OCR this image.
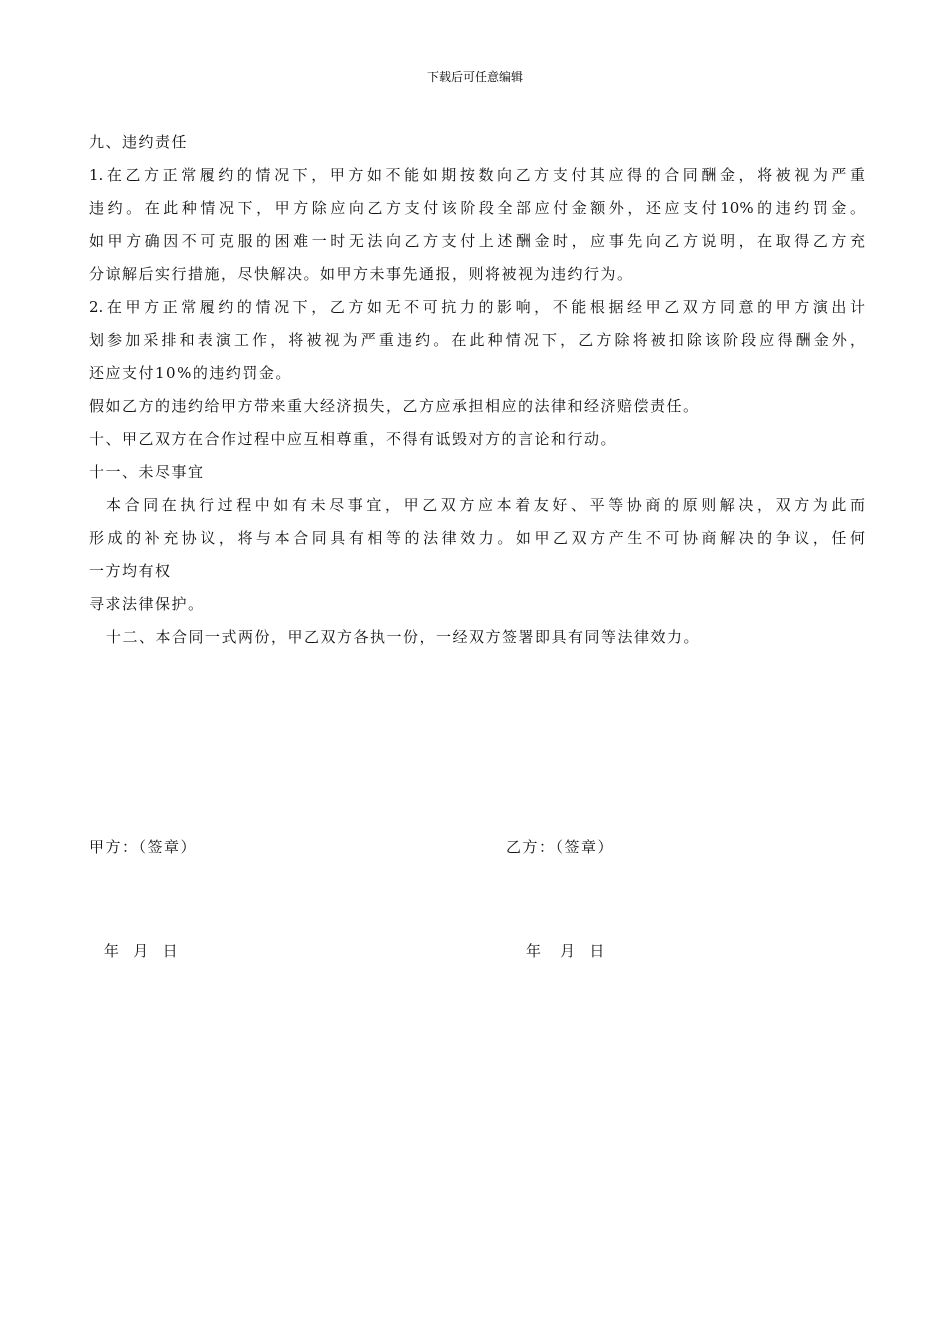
下载后可任意编辑
九、违约责任
1.在乙方正常履约的情况下，甲方如不能如期按数向乙方支付其应得的合同酬金，将被视为严重
违约。在此种情况下，甲方除应向乙方支付该阶段全部应付金额外，还应支付10%的违约罚金。
如甲方确因不可克服的困难一时无法向乙方支付上述酬金时，应事先向乙方说明，在取得乙方充
分谅解后实行措施，尽快解决。如甲方未事先通报，则将被视为违约行为。
2.在甲方正常履约的情况下，乙方如无不可抗力的影响，不能根据经甲乙双方同意的甲方演出计
划参加采排和表演工作，将被视为严重违约。在此种情况下，乙方除将被扣除该阶段应得酬金外，
还应支付10%的违约罚金。
假如乙方的违约给甲方带来重大经济损失，乙方应承担相应的法律和经济赔偿责任。
十、甲乙双方在合作过程中应互相尊重，不得有诋毁对方的言论和行动。
十一、未尽事宜
本合同在执行过程中如有未尽事宜，甲乙双方应本着友好、平等协商的原则解决，双方为此而
形成的补充协议，将与本合同具有相等的法律效力。如甲乙双方产生不可协商解决的争议，任何
一方均有权
寻求法律保护。
十二、本合同一式两份，甲乙双方各执一份，一经双方签署即具有同等法律效力。
甲方：（签章）	乙方：（签章）
年   月   日	年    月   日
